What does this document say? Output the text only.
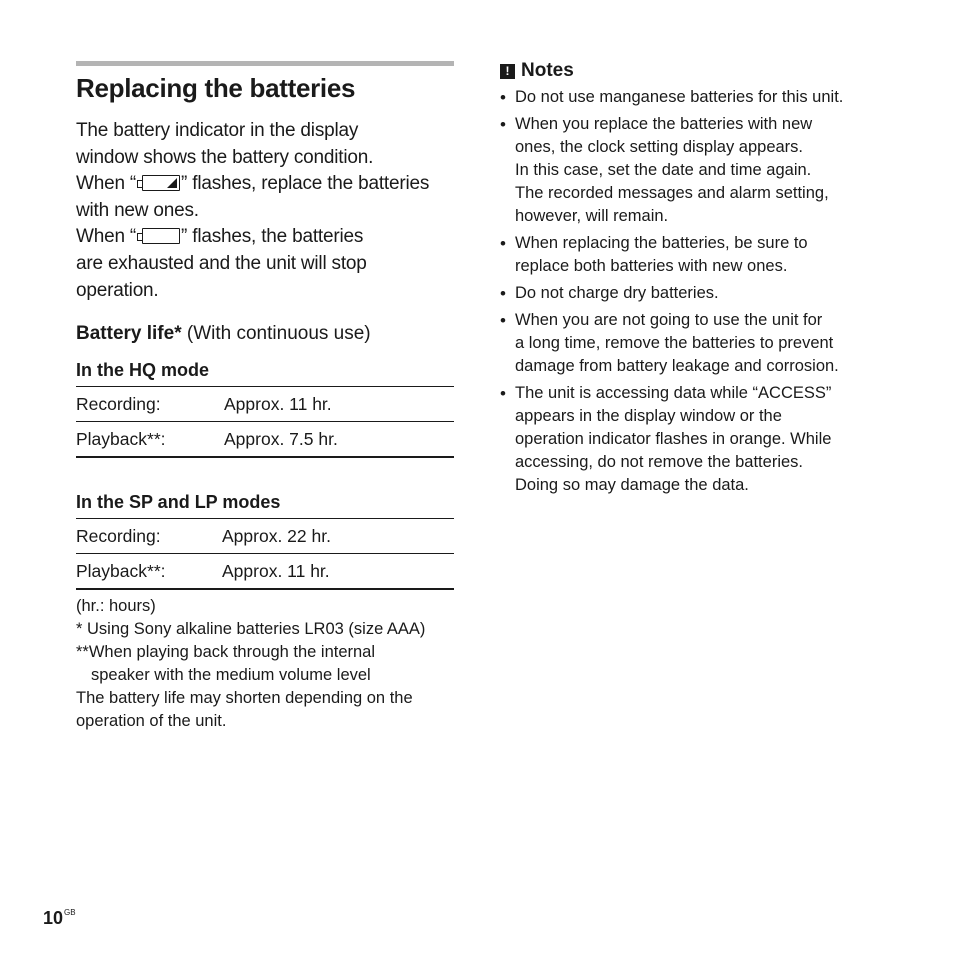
Replacing the batteries

The battery indicator in the display

window shows the battery condition.

When “ ” flashes, replace the batteries

with new ones.

When “ ” flashes, the batteries

are exhausted and the unit will stop

operation.

Battery life* (With continuous use)
In the HQ mode
Recording:	Approx. 11 hr.
Playback**:	Approx. 7.5 hr.
In the SP and LP modes
Recording:	Approx. 22 hr.
Playback**:	Approx. 11 hr.
(hr.: hours)
* Using Sony alkaline batteries LR03 (size AAA)
**When playing back through the internal
speaker with the medium volume level
The battery life may shorten depending on the
operation of the unit.
! Notes
• Do not use manganese batteries for this unit.
• When you replace the batteries with new
ones, the clock setting display appears.
In this case, set the date and time again.
The recorded messages and alarm setting,
however, will remain.
• When replacing the batteries, be sure to
replace both batteries with new ones.
• Do not charge dry batteries.
• When you are not going to use the unit for
a long time, remove the batteries to prevent
damage from battery leakage and corrosion.
• The unit is accessing data while “ACCESS”
appears in the display window or the
operation indicator flashes in orange. While
accessing, do not remove the batteries.
Doing so may damage the data.
$10^{GB}$
